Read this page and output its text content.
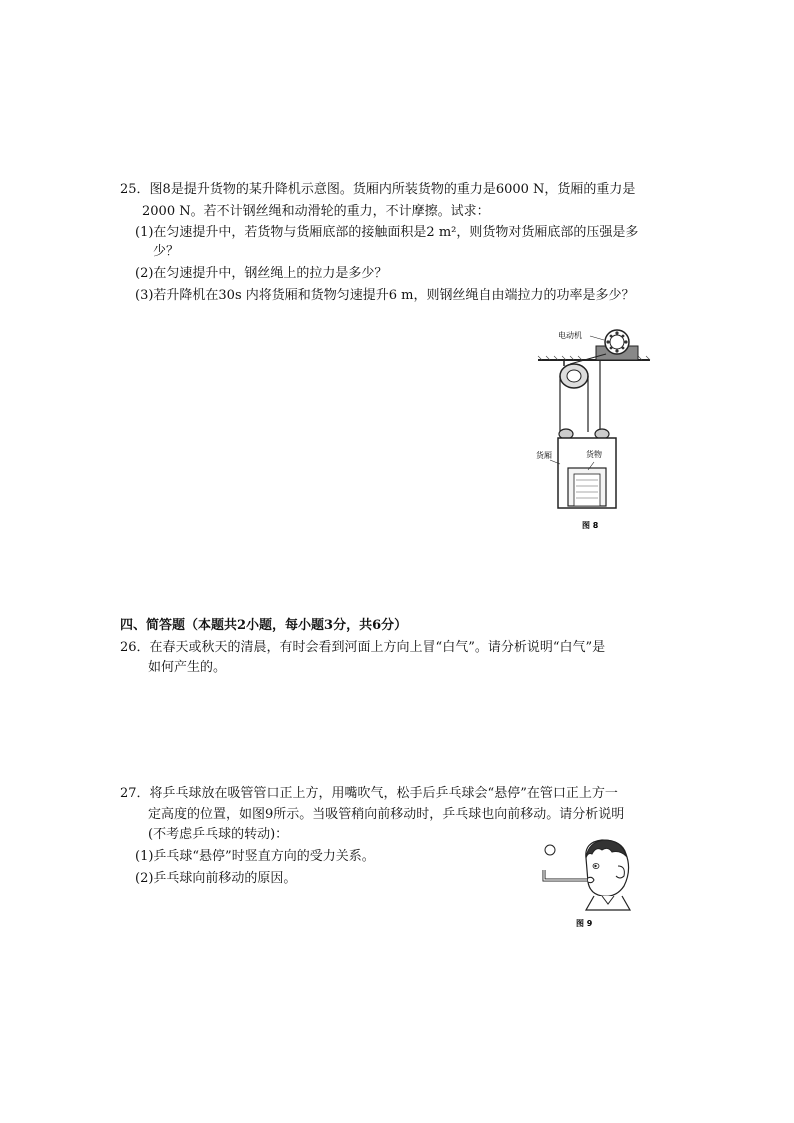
25．图8是提升货物的某升降机示意图。货厢内所装货物的重力是6000 N，货厢的重力是
2000 N。若不计钢丝绳和动滑轮的重力，不计摩擦。试求：
(1)在匀速提升中，若货物与货厢底部的接触面积是2 m²，则货物对货厢底部的压强是多
少？
(2)在匀速提升中，钢丝绳上的拉力是多少？
(3)若升降机在30s 内将货厢和货物匀速提升6 m，则钢丝绳自由端拉力的功率是多少？
电动机
货物
货厢
图 8
四、简答题（本题共2小题，每小题3分，共6分）
26．在春天或秋天的清晨，有时会看到河面上方向上冒“白气”。请分析说明“白气”是
如何产生的。
27．将乒乓球放在吸管管口正上方，用嘴吹气，松手后乒乓球会“悬停”在管口正上方一
定高度的位置，如图9所示。当吸管稍向前移动时，乒乓球也向前移动。请分析说明
(不考虑乒乓球的转动)：
(1)乒乓球“悬停”时竖直方向的受力关系。
(2)乒乓球向前移动的原因。
图 9
